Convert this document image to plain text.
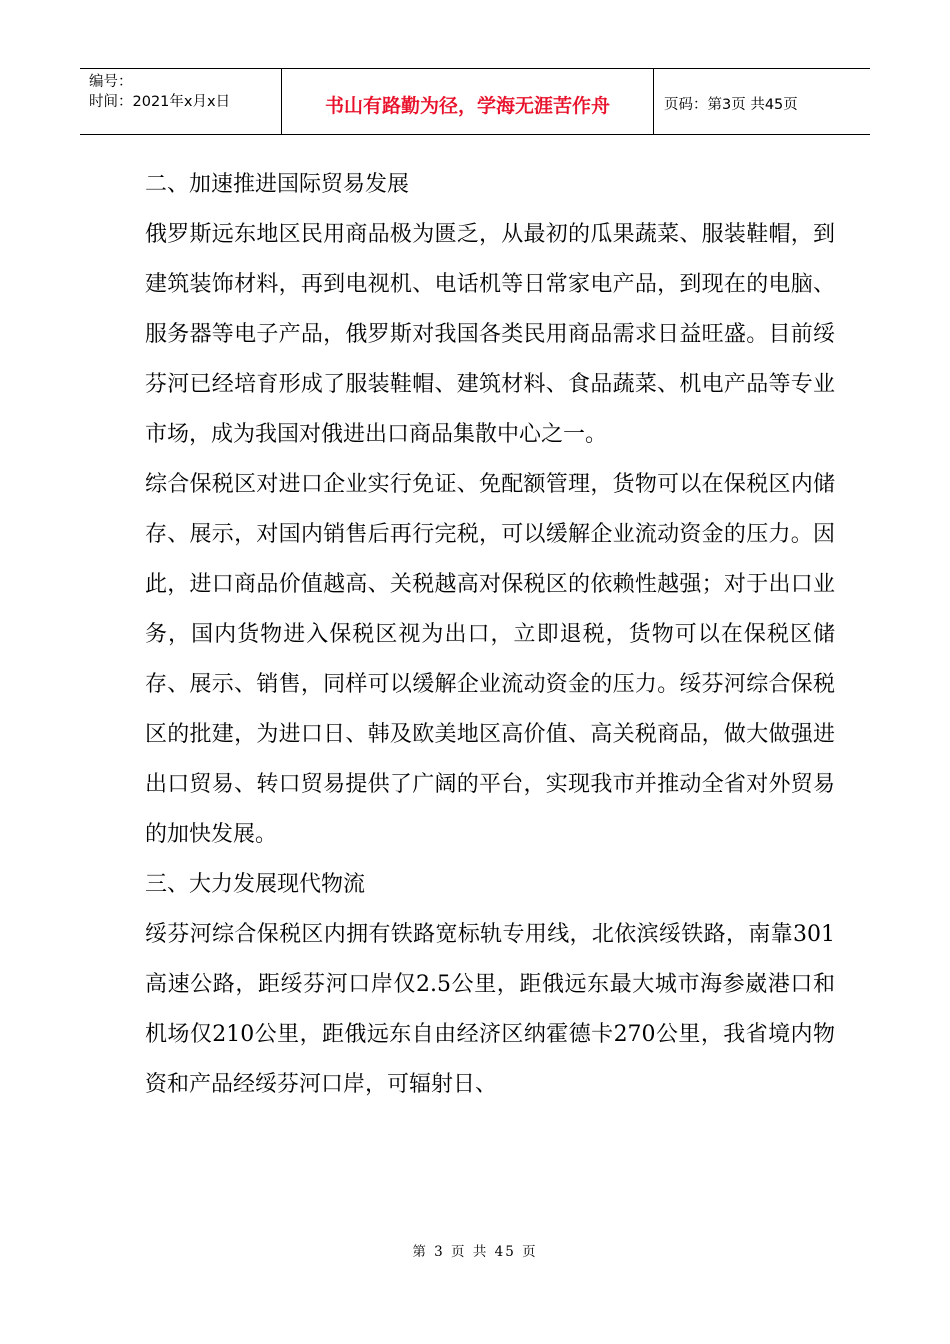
编号：
时间：2021年x月x日	书山有路勤为径，学海无涯苦作舟	页码：第3页 共45页

二、加速推进国际贸易发展

俄罗斯远东地区民用商品极为匮乏，从最初的瓜果蔬菜、服装鞋帽，到建筑装饰材料，再到电视机、电话机等日常家电产品，到现在的电脑、服务器等电子产品，俄罗斯对我国各类民用商品需求日益旺盛。目前绥芬河已经培育形成了服装鞋帽、建筑材料、食品蔬菜、机电产品等专业市场，成为我国对俄进出口商品集散中心之一。

综合保税区对进口企业实行免证、免配额管理，货物可以在保税区内储存、展示，对国内销售后再行完税，可以缓解企业流动资金的压力。因此，进口商品价值越高、关税越高对保税区的依赖性越强；对于出口业务，国内货物进入保税区视为出口，立即退税，货物可以在保税区储存、展示、销售，同样可以缓解企业流动资金的压力。绥芬河综合保税区的批建，为进口日、韩及欧美地区高价值、高关税商品，做大做强进出口贸易、转口贸易提供了广阔的平台，实现我市并推动全省对外贸易的加快发展。

三、大力发展现代物流

绥芬河综合保税区内拥有铁路宽标轨专用线，北依滨绥铁路，南靠301高速公路，距绥芬河口岸仅2.5公里，距俄远东最大城市海参崴港口和机场仅210公里，距俄远东自由经济区纳霍德卡270公里，我省境内物资和产品经绥芬河口岸，可辐射日、

第 3 页 共 45 页
